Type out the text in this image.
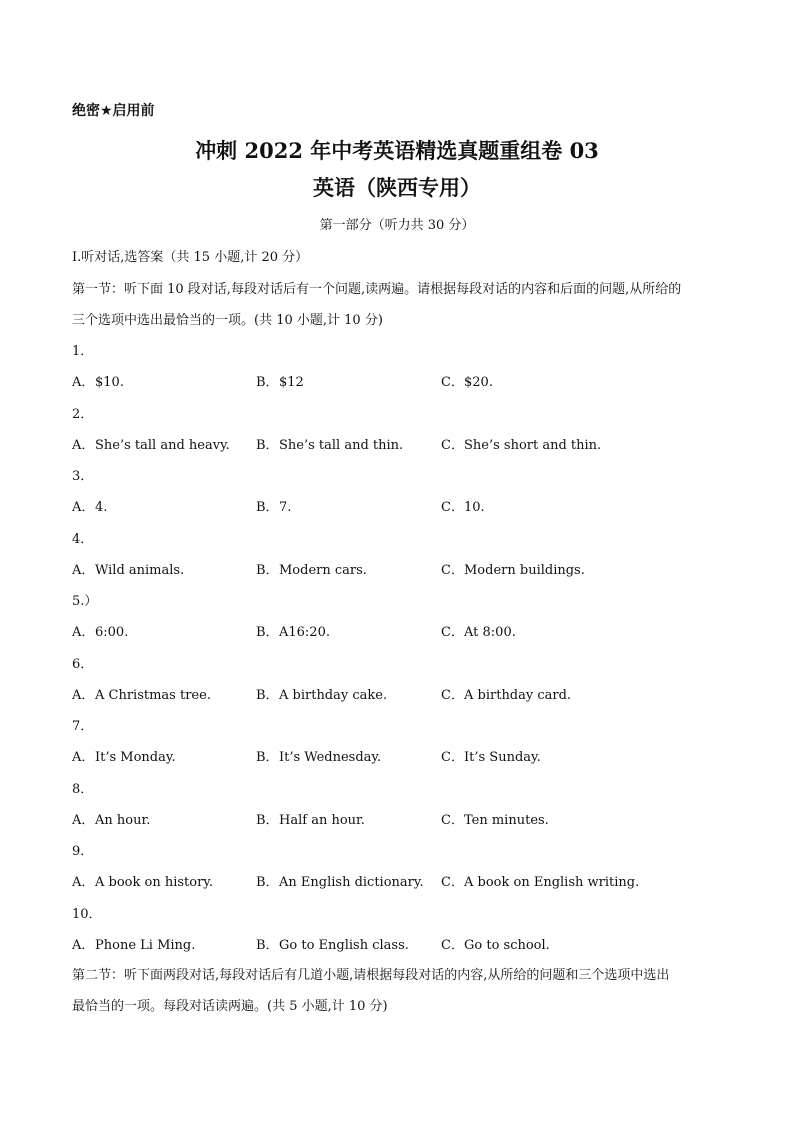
绝密★启用前
冲刺 2022 年中考英语精选真题重组卷 03
英语（陕西专用）
第一部分（听力共 30 分）
Ⅰ.听对话,选答案（共 15 小题,计 20 分）
第一节：听下面 10 段对话,每段对话后有一个问题,读两遍。请根据每段对话的内容和后面的问题,从所给的
三个选项中选出最恰当的一项。(共 10 小题,计 10 分)
1．
A．$10.	B．$12	C．$20.
2．
A．She’s tall and heavy. B．She’s tall and thin.	C．She’s short and thin.
3．
A．4.	B．7.	C．10.
4．
A．Wild animals.	B．Modern cars.	C．Modern buildings.
5.）
A．6:00.	B．A16:20.	C．At 8:00.
6．
A．A Christmas tree.	B．A birthday cake.	C．A birthday card.
7．
A．It’s Monday.	B．It’s Wednesday.	C．It’s Sunday.
8．
A．An hour.	B．Half an hour.	C．Ten minutes.
9．
A．A book on history.	B．An English dictionary. C．A book on English writing.
10．
A．Phone Li Ming.	B．Go to English class. C．Go to school.
第二节：听下面两段对话,每段对话后有几道小题,请根据每段对话的内容,从所给的问题和三个选项中选出
最恰当的一项。每段对话读两遍。(共 5 小题,计 10 分)
